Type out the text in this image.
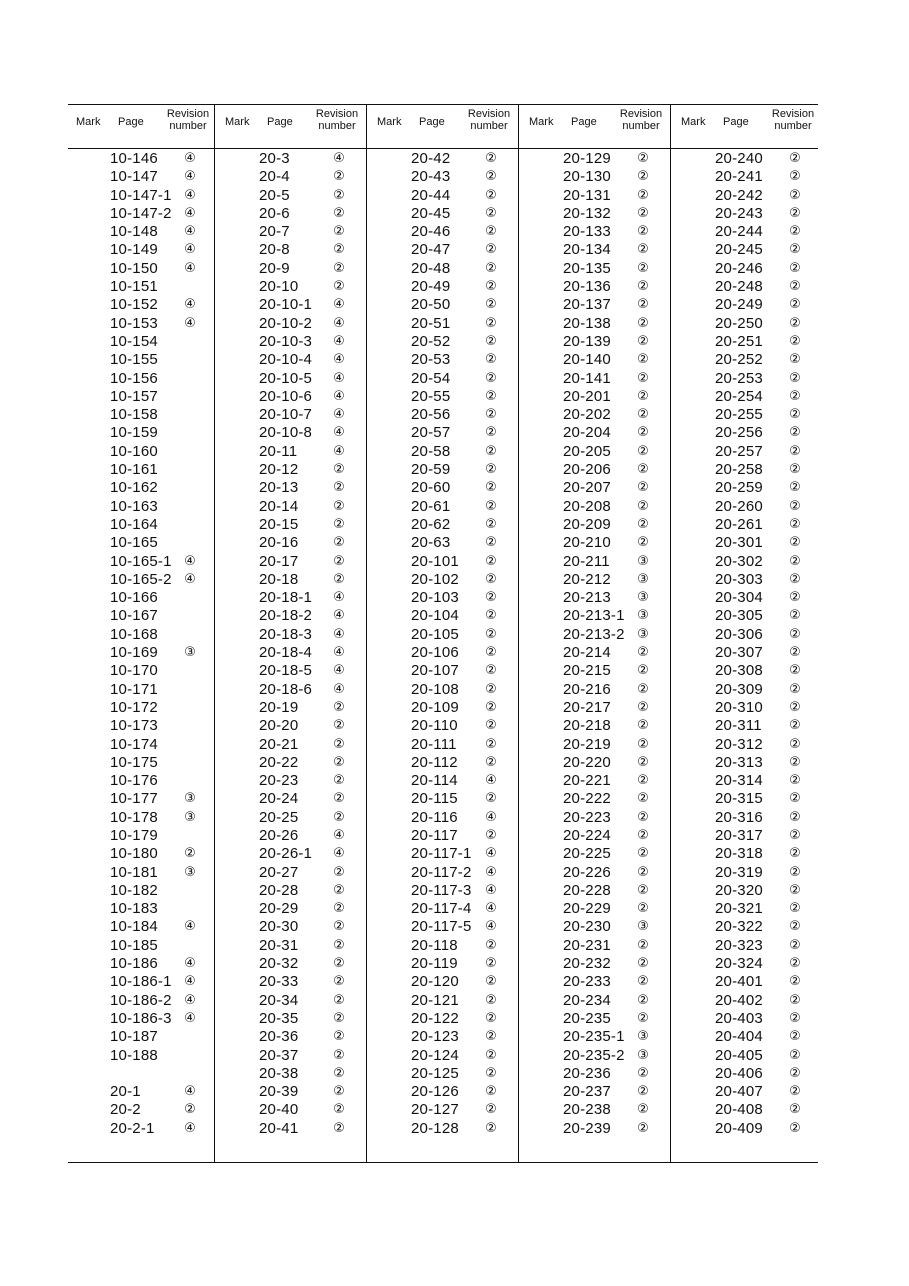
Mark Page
Revision
number
10-146 ④
10-147 ④
10-147-1 ④
10-147-2 ④
10-148 ④
10-149 ④
10-150 ④
10-151
10-152 ④
10-153 ④
10-154
10-155
10-156
10-157
10-158
10-159
10-160
10-161
10-162
10-163
10-164
10-165
10-165-1 ④
10-165-2 ④
10-166
10-167
10-168
10-169 ③
10-170
10-171
10-172
10-173
10-174
10-175
10-176
10-177 ③
10-178 ③
10-179
10-180 ②
10-181 ③
10-182
10-183
10-184 ④
10-185
10-186 ④
10-186-1 ④
10-186-2 ④
10-186-3 ④
10-187
10-188
20-1	④
20-2	②
20-2-1 ④
Mark Page
Revision
number
20-3	④
20-4	②
20-5	②
20-6	②
20-7	②
20-8	②
20-9	②
20-10	②
20-10-1 ④
20-10-2 ④
20-10-3 ④
20-10-4 ④
20-10-5 ④
20-10-6 ④
20-10-7 ④
20-10-8 ④
20-11	④
20-12	②
20-13	②
20-14	②
20-15	②
20-16	②
20-17	②
20-18	②
20-18-1 ④
20-18-2 ④
20-18-3 ④
20-18-4 ④
20-18-5 ④
20-18-6 ④
20-19	②
20-20	②
20-21	②
20-22	②
20-23	②
20-24	②
20-25	②
20-26	④
20-26-1 ④
20-27	②
20-28	②
20-29	②
20-30	②
20-31	②
20-32	②
20-33	②
20-34	②
20-35	②
20-36	②
20-37	②
20-38	②
20-39	②
20-40	②
20-41	②
Mark Page
Revision
number
20-42	②
20-43	②
20-44	②
20-45	②
20-46	②
20-47	②
20-48	②
20-49	②
20-50	②
20-51	②
20-52	②
20-53	②
20-54	②
20-55	②
20-56	②
20-57	②
20-58	②
20-59	②
20-60	②
20-61	②
20-62	②
20-63	②
20-101 ②
20-102 ②
20-103 ②
20-104 ②
20-105 ②
20-106 ②
20-107 ②
20-108 ②
20-109 ②
20-110 ②
20-111 ②
20-112 ②
20-114 ④
20-115 ②
20-116 ④
20-117 ②
20-117-1 ④
20-117-2 ④
20-117-3 ④
20-117-4 ④
20-117-5 ④
20-118 ②
20-119 ②
20-120 ②
20-121 ②
20-122 ②
20-123 ②
20-124 ②
20-125 ②
20-126 ②
20-127 ②
20-128 ②
Mark Page
Revision
number
20-129 ②
20-130 ②
20-131 ②
20-132 ②
20-133 ②
20-134 ②
20-135 ②
20-136 ②
20-137 ②
20-138 ②
20-139 ②
20-140 ②
20-141 ②
20-201 ②
20-202 ②
20-204 ②
20-205 ②
20-206 ②
20-207 ②
20-208 ②
20-209 ②
20-210 ②
20-211 ③
20-212 ③
20-213 ③
20-213-1 ③
20-213-2 ③
20-214 ②
20-215 ②
20-216 ②
20-217 ②
20-218 ②
20-219 ②
20-220 ②
20-221 ②
20-222 ②
20-223 ②
20-224 ②
20-225 ②
20-226 ②
20-228 ②
20-229 ②
20-230 ③
20-231 ②
20-232 ②
20-233 ②
20-234 ②
20-235 ②
20-235-1 ③
20-235-2 ③
20-236 ②
20-237 ②
20-238 ②
20-239 ②
Mark Page
Revision
number
20-240 ②
20-241 ②
20-242 ②
20-243 ②
20-244 ②
20-245 ②
20-246 ②
20-248 ②
20-249 ②
20-250 ②
20-251 ②
20-252 ②
20-253 ②
20-254 ②
20-255 ②
20-256 ②
20-257 ②
20-258 ②
20-259 ②
20-260 ②
20-261 ②
20-301 ②
20-302 ②
20-303 ②
20-304 ②
20-305 ②
20-306 ②
20-307 ②
20-308 ②
20-309 ②
20-310 ②
20-311 ②
20-312 ②
20-313 ②
20-314 ②
20-315 ②
20-316 ②
20-317 ②
20-318 ②
20-319 ②
20-320 ②
20-321 ②
20-322 ②
20-323 ②
20-324 ②
20-401 ②
20-402 ②
20-403 ②
20-404 ②
20-405 ②
20-406 ②
20-407 ②
20-408 ②
20-409 ②
